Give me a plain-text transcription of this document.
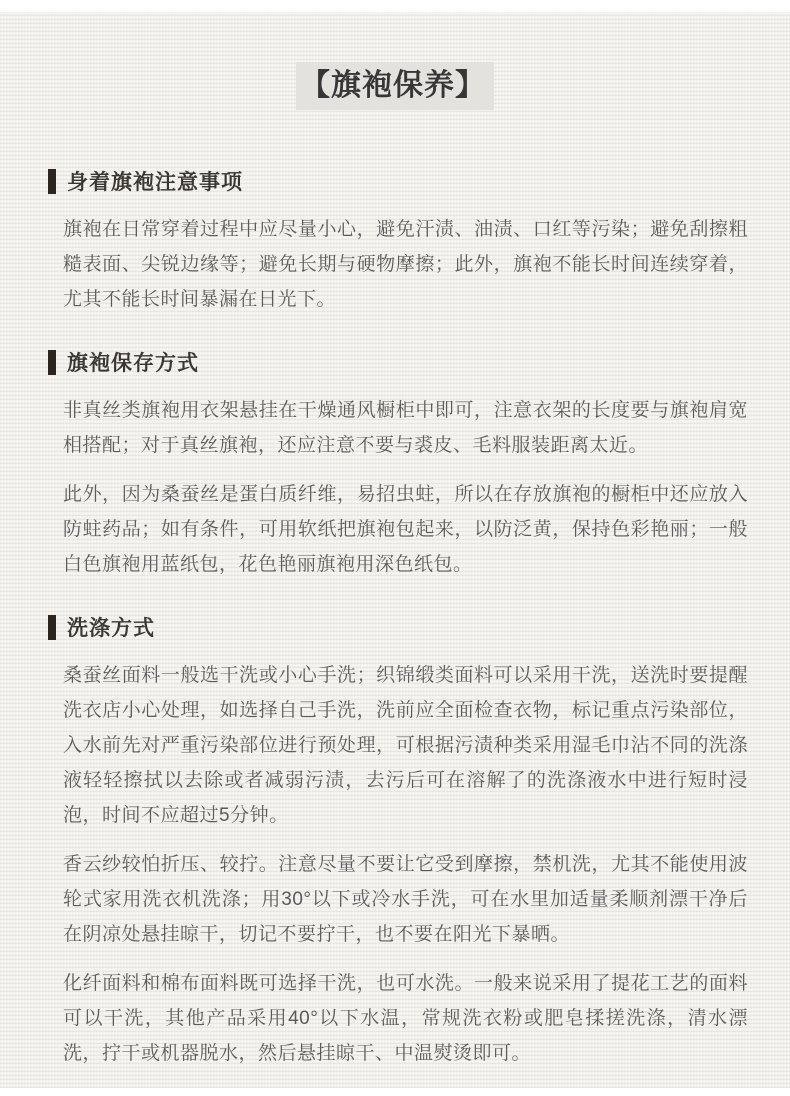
【旗袍保养】
身着旗袍注意事项

旗袍在日常穿着过程中应尽量小心，避免汗渍、油渍、口红等污染；避免刮擦粗糙表面、尖锐边缘等；避免长期与硬物摩擦；此外，旗袍不能长时间连续穿着，尤其不能长时间暴漏在日光下。

旗袍保存方式

非真丝类旗袍用衣架悬挂在干燥通风橱柜中即可，注意衣架的长度要与旗袍肩宽相搭配；对于真丝旗袍，还应注意不要与裘皮、毛料服装距离太近。

此外，因为桑蚕丝是蛋白质纤维，易招虫蛀，所以在存放旗袍的橱柜中还应放入防蛀药品；如有条件，可用软纸把旗袍包起来，以防泛黄，保持色彩艳丽；一般白色旗袍用蓝纸包，花色艳丽旗袍用深色纸包。

洗涤方式

桑蚕丝面料一般选干洗或小心手洗；织锦缎类面料可以采用干洗，送洗时要提醒洗衣店小心处理，如选择自己手洗，洗前应全面检查衣物，标记重点污染部位，入水前先对严重污染部位进行预处理，可根据污渍种类采用湿毛巾沾不同的洗涤液轻轻擦拭以去除或者减弱污渍，去污后可在溶解了的洗涤液水中进行短时浸泡，时间不应超过5分钟。

香云纱较怕折压、较拧。注意尽量不要让它受到摩擦，禁机洗，尤其不能使用波轮式家用洗衣机洗涤；用30°以下或冷水手洗，可在水里加适量柔顺剂漂干净后在阴凉处悬挂晾干，切记不要拧干，也不要在阳光下暴晒。

化纤面料和棉布面料既可选择干洗，也可水洗。一般来说采用了提花工艺的面料可以干洗，其他产品采用40°以下水温，常规洗衣粉或肥皂揉搓洗涤，清水漂洗，拧干或机器脱水，然后悬挂晾干、中温熨烫即可。
